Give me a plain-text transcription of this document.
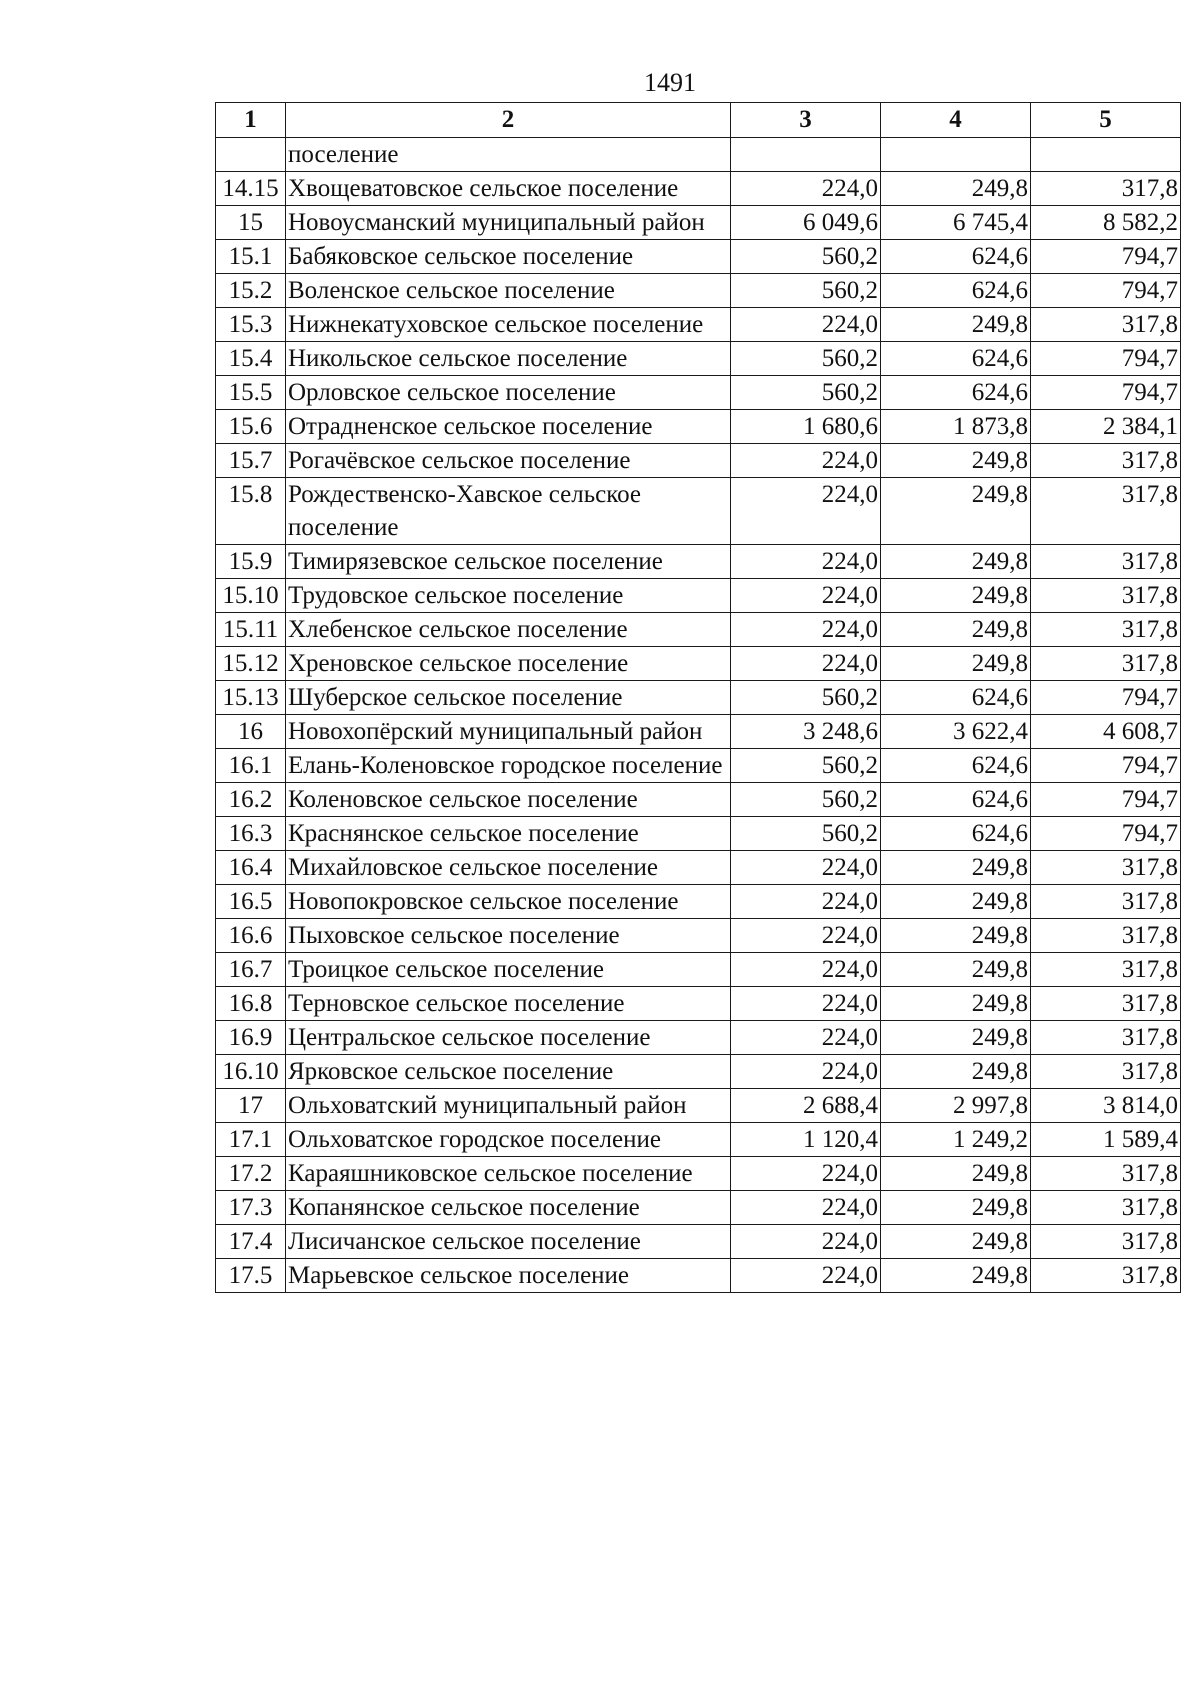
1491
1	2	3	4	5
	поселение			
14.15	Хвощеватовское сельское поселение	224,0	249,8	317,8
15	Новоусманский муниципальный район	6 049,6	6 745,4	8 582,2
15.1	Бабяковское сельское поселение	560,2	624,6	794,7
15.2	Воленское сельское поселение	560,2	624,6	794,7
15.3	Нижнекатуховское сельское поселение	224,0	249,8	317,8
15.4	Никольское сельское поселение	560,2	624,6	794,7
15.5	Орловское сельское поселение	560,2	624,6	794,7
15.6	Отрадненское сельское поселение	1 680,6	1 873,8	2 384,1
15.7	Рогачёвское сельское поселение	224,0	249,8	317,8
15.8	Рождественско-Хавское сельское поселение	224,0	249,8	317,8
15.9	Тимирязевское сельское поселение	224,0	249,8	317,8
15.10	Трудовское сельское поселение	224,0	249,8	317,8
15.11	Хлебенское сельское поселение	224,0	249,8	317,8
15.12	Хреновское сельское поселение	224,0	249,8	317,8
15.13	Шуберское сельское поселение	560,2	624,6	794,7
16	Новохопёрский муниципальный район	3 248,6	3 622,4	4 608,7
16.1	Елань-Коленовское городское поселение	560,2	624,6	794,7
16.2	Коленовское сельское поселение	560,2	624,6	794,7
16.3	Краснянское сельское поселение	560,2	624,6	794,7
16.4	Михайловское сельское поселение	224,0	249,8	317,8
16.5	Новопокровское сельское поселение	224,0	249,8	317,8
16.6	Пыховское сельское поселение	224,0	249,8	317,8
16.7	Троицкое сельское поселение	224,0	249,8	317,8
16.8	Терновское сельское поселение	224,0	249,8	317,8
16.9	Центральское сельское поселение	224,0	249,8	317,8
16.10	Ярковское сельское поселение	224,0	249,8	317,8
17	Ольховатский муниципальный район	2 688,4	2 997,8	3 814,0
17.1	Ольховатское городское поселение	1 120,4	1 249,2	1 589,4
17.2	Караяшниковское сельское поселение	224,0	249,8	317,8
17.3	Копанянское сельское поселение	224,0	249,8	317,8
17.4	Лисичанское сельское поселение	224,0	249,8	317,8
17.5	Марьевское сельское поселение	224,0	249,8	317,8
